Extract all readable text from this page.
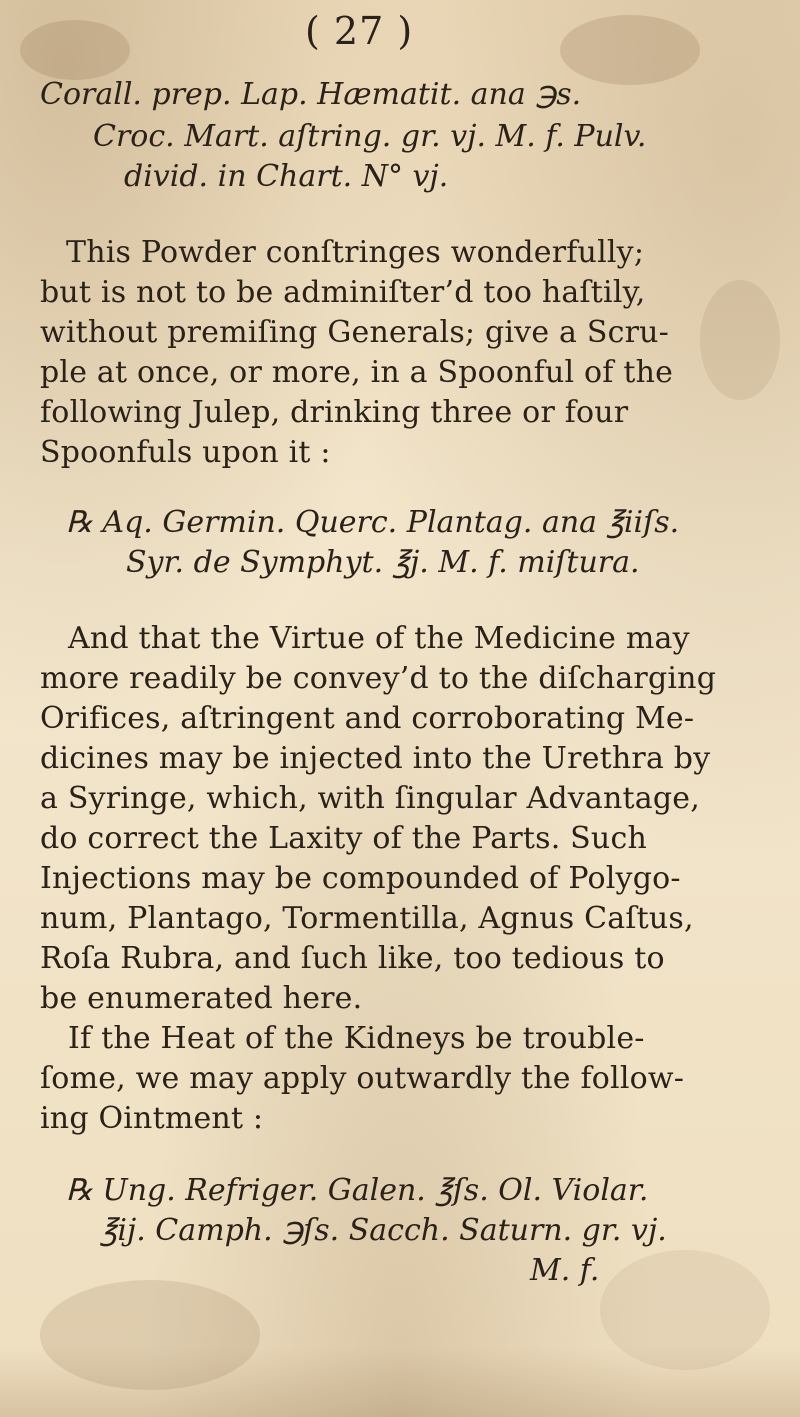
( 27 )
Corall. prep. Lap. Hæmatit. ana ℈s.
Croc. Mart. aſtring. gr. vj. M. f. Pulv.
divid. in Chart. N° vj.
This Powder conſtringes wonderfully;
but is not to be adminiſter’d too haſtily,
without premiſing Generals; give a Scru-
ple at once, or more, in a Spoonful of the
following Julep, drinking three or four
Spoonfuls upon it :
℞ Aq. Germin. Querc. Plantag. ana ℥iiſs.
Syr. de Symphyt. ℥j. M. f. miſtura.
And that the Virtue of the Medicine may
more readily be convey’d to the diſcharging
Orifices, aſtringent and corroborating Me-
dicines may be injected into the Urethra by
a Syringe, which, with ſingular Advantage,
do correct the Laxity of the Parts. Such
Injections may be compounded of Polygo-
num, Plantago, Tormentilla, Agnus Caſtus,
Roſa Rubra, and ſuch like, too tedious to
be enumerated here.
If the Heat of the Kidneys be trouble-
ſome, we may apply outwardly the follow-
ing Ointment :
℞ Ung. Refriger. Galen. ℥ſs. Ol. Violar.
℥ij. Camph. ℈ſs. Sacch. Saturn. gr. vj.
M. f.
